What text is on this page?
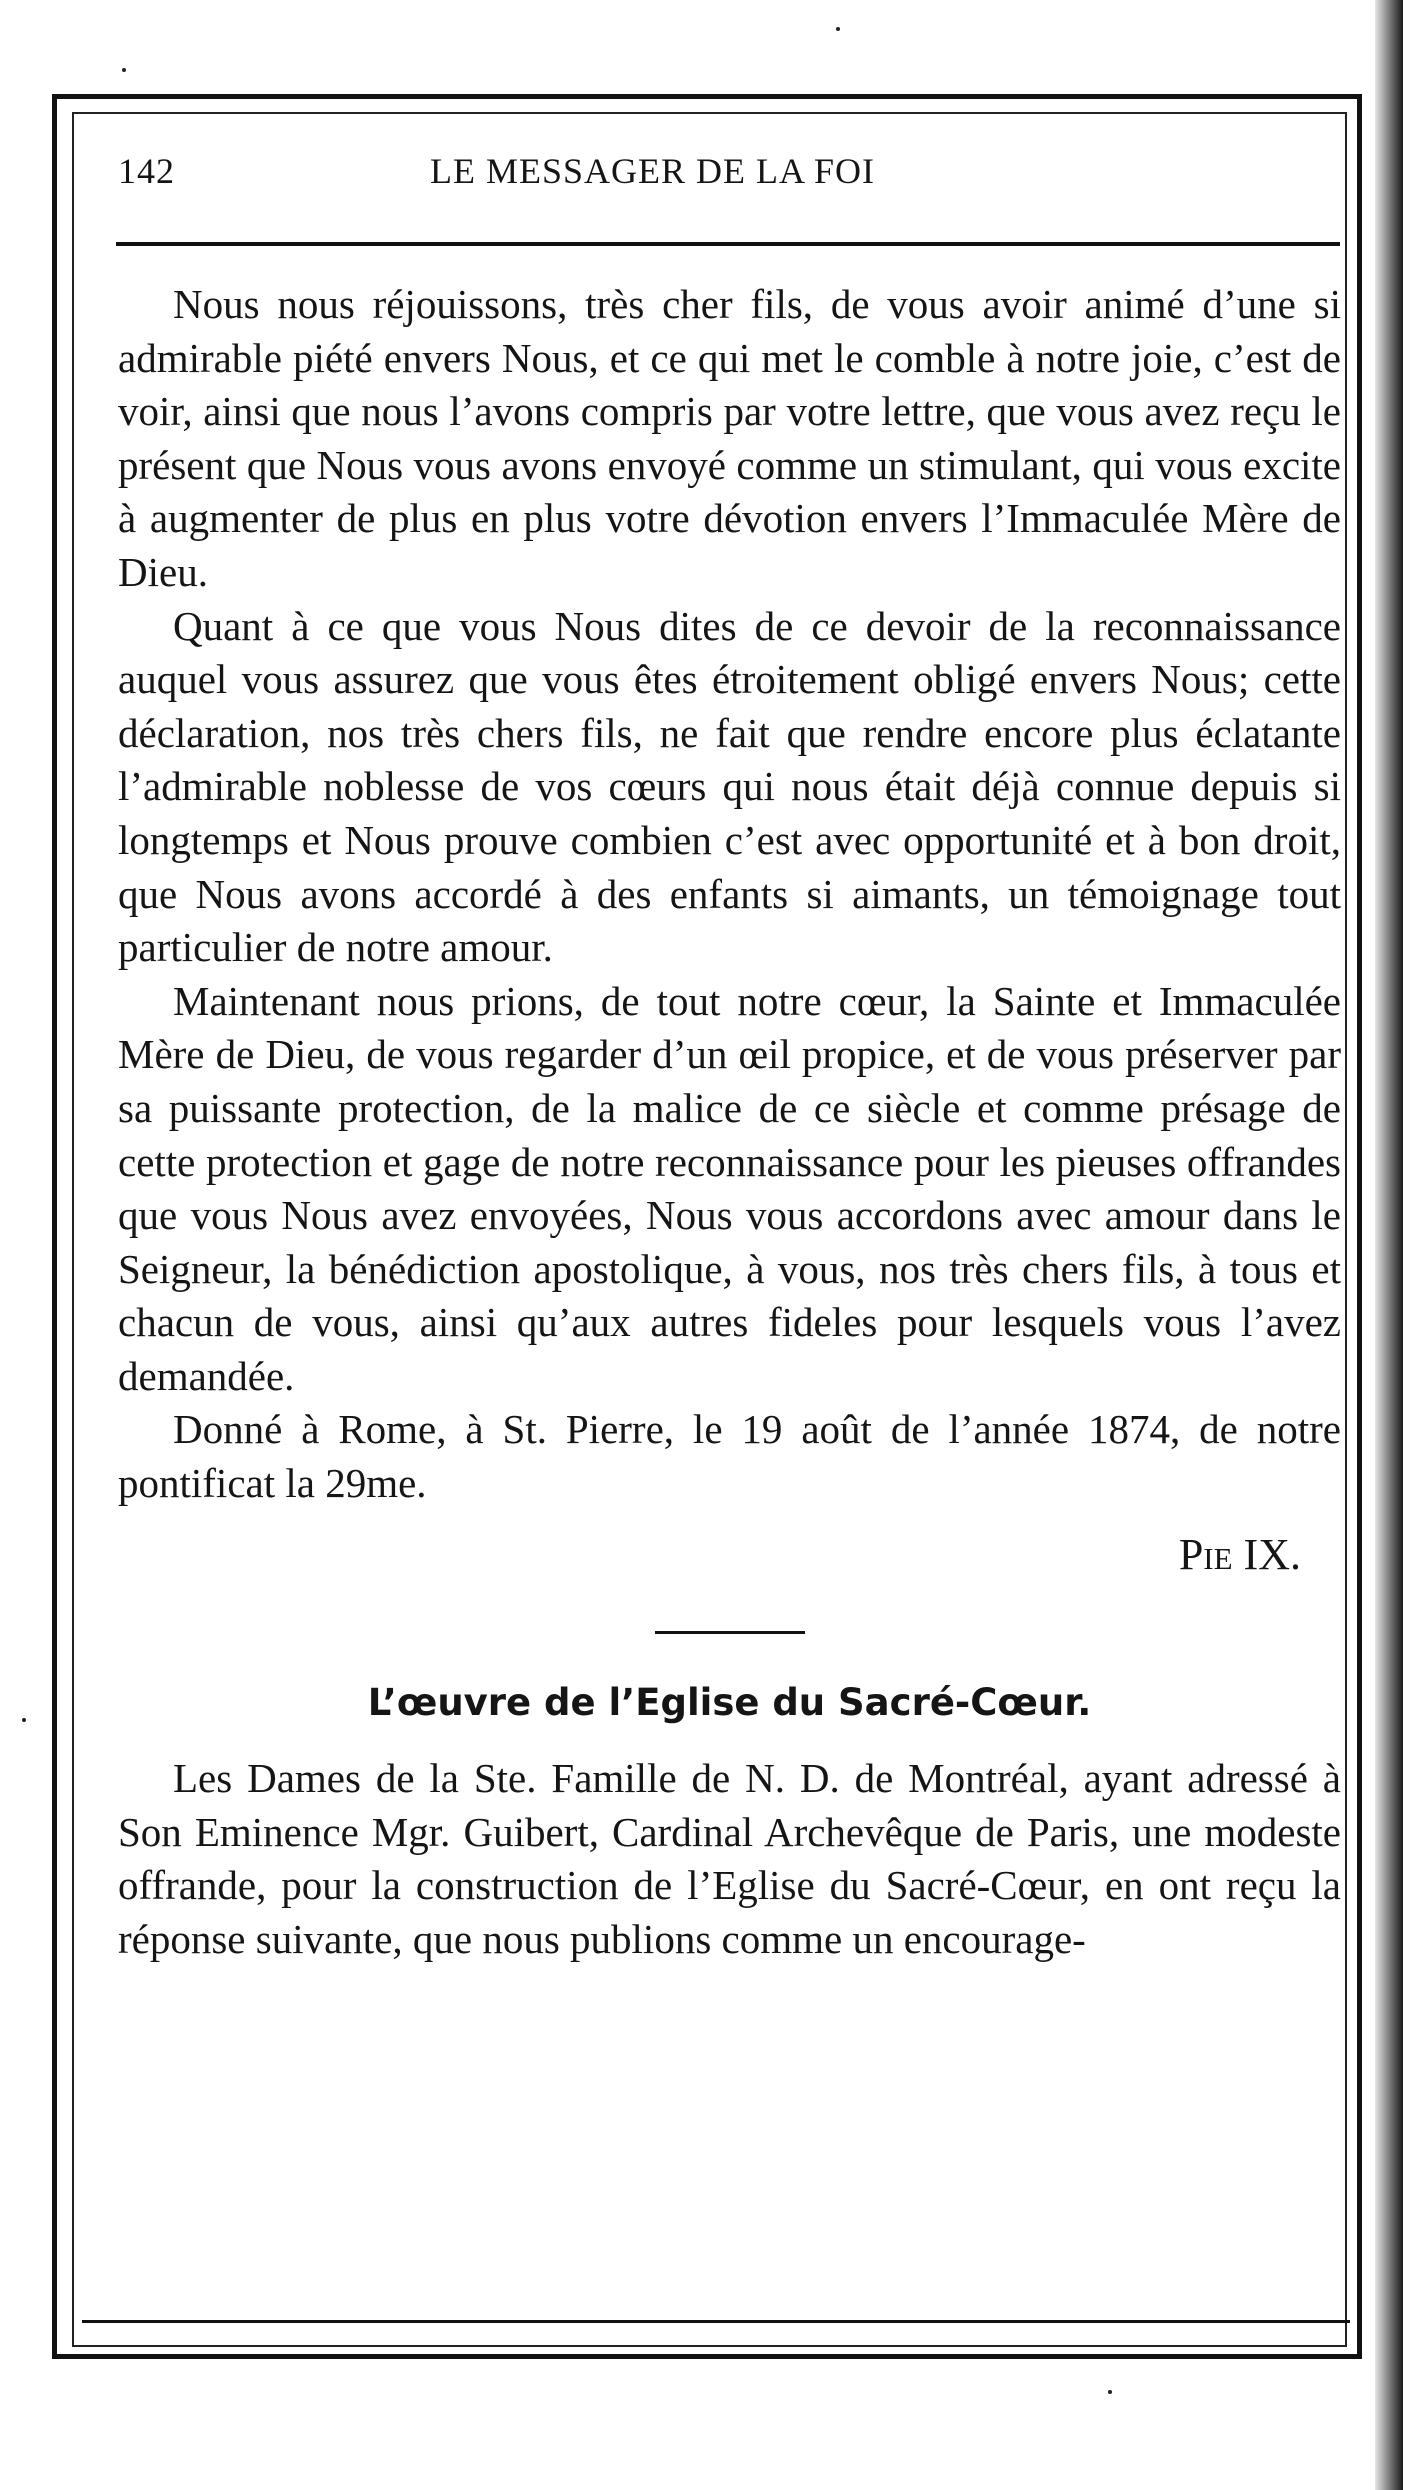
142	LE MESSAGER DE LA FOI

Nous nous réjouissons, très cher fils, de vous avoir animé d’une si admirable piété envers Nous, et ce qui met le comble à notre joie, c’est de voir, ainsi que nous l’avons compris par votre lettre, que vous avez reçu le présent que Nous vous avons envoyé comme un stimulant, qui vous excite à augmenter de plus en plus votre dévotion envers l’Immaculée Mère de Dieu.

Quant à ce que vous Nous dites de ce devoir de la reconnaissance auquel vous assurez que vous êtes étroitement obligé envers Nous; cette déclaration, nos très chers fils, ne fait que rendre encore plus éclatante l’admirable noblesse de vos cœurs qui nous était déjà connue depuis si longtemps et Nous prouve combien c’est avec opportunité et à bon droit, que Nous avons accordé à des enfants si aimants, un témoignage tout particulier de notre amour.

Maintenant nous prions, de tout notre cœur, la Sainte et Immaculée Mère de Dieu, de vous regarder d’un œil propice, et de vous préserver par sa puissante protection, de la malice de ce siècle et comme présage de cette protection et gage de notre reconnaissance pour les pieuses offrandes que vous Nous avez envoyées, Nous vous accordons avec amour dans le Seigneur, la bénédiction apostolique, à vous, nos très chers fils, à tous et chacun de vous, ainsi qu’aux autres fideles pour lesquels vous l’avez demandée.

Donné à Rome, à St. Pierre, le 19 août de l’année 1874, de notre pontificat la 29me.

Pie IX.
L’œuvre de l’Eglise du Sacré-Cœur.

Les Dames de la Ste. Famille de N. D. de Montréal, ayant adressé à Son Eminence Mgr. Guibert, Cardinal Archevêque de Paris, une modeste offrande, pour la construction de l’Eglise du Sacré-Cœur, en ont reçu la réponse suivante, que nous publions comme un encourage-
